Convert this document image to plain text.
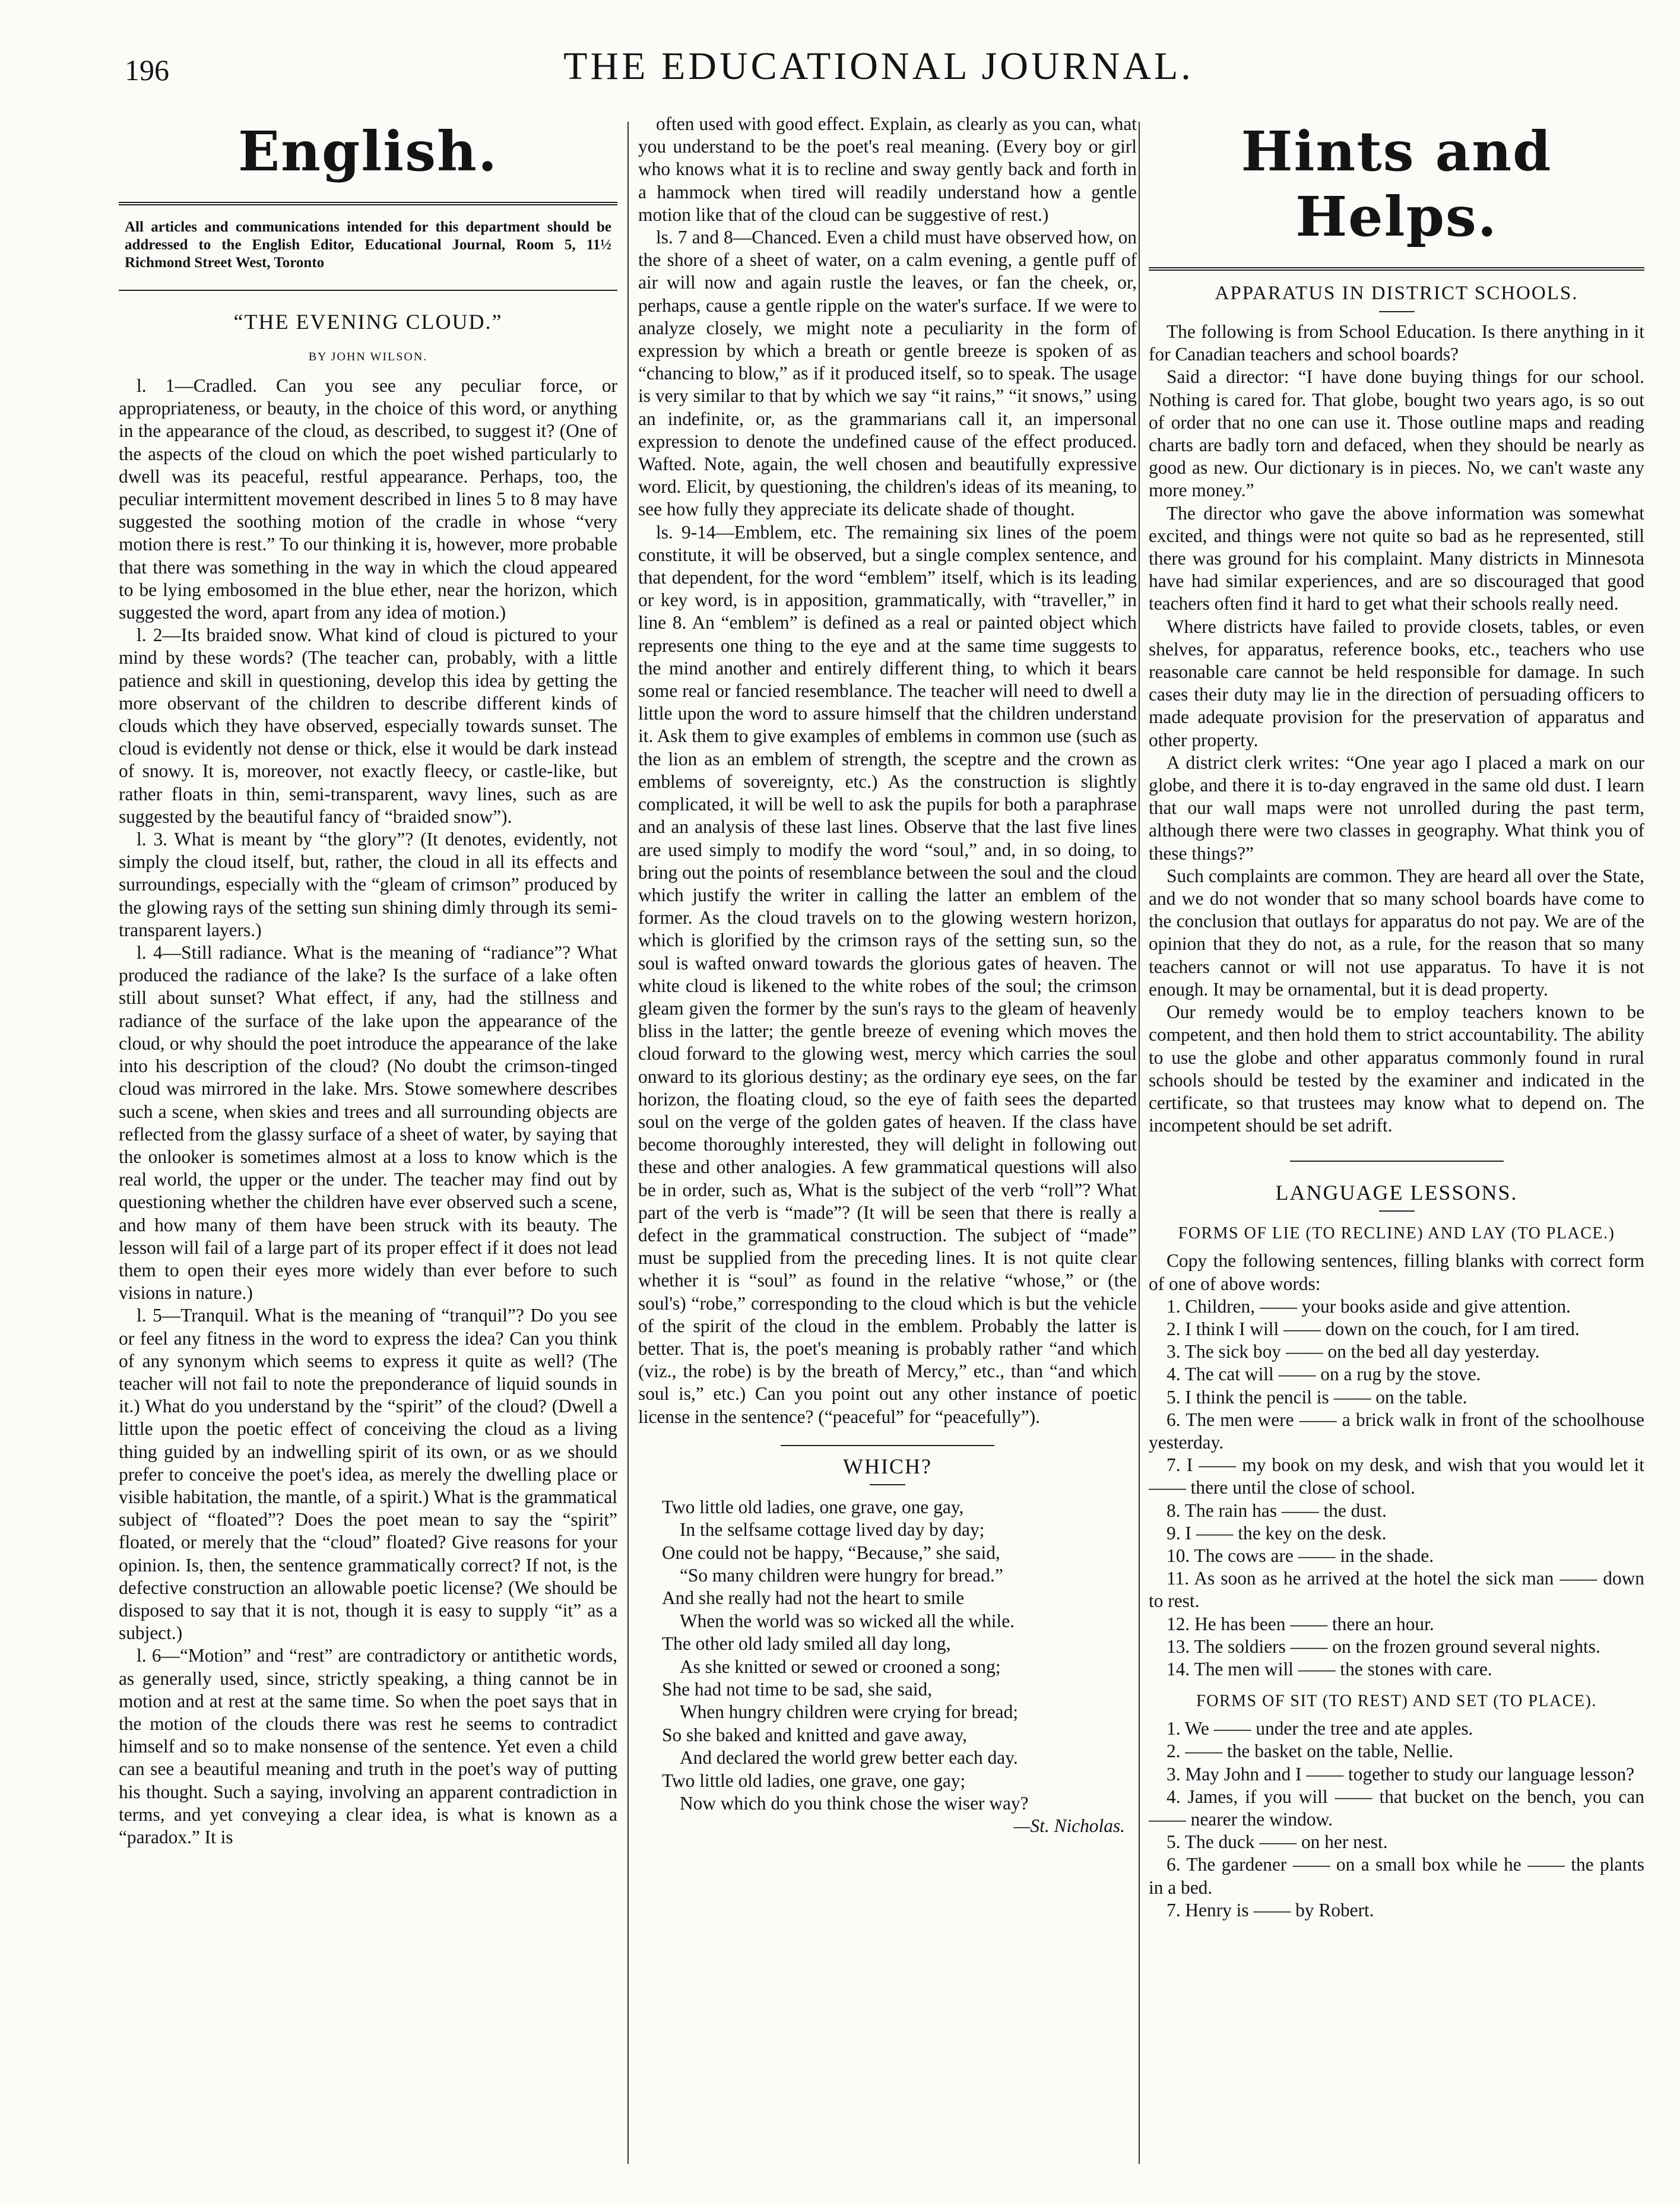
196	THE EDUCATIONAL JOURNAL.
English.
All articles and communications intended for this department should be addressed to the English Editor, Educational Journal, Room 5, 11½ Richmond Street West, Toronto
“THE EVENING CLOUD.”
BY JOHN WILSON.

l. 1—Cradled. Can you see any peculiar force, or appropriateness, or beauty, in the choice of this word, or anything in the appearance of the cloud, as described, to suggest it? (One of the aspects of the cloud on which the poet wished particularly to dwell was its peaceful, restful appearance. Perhaps, too, the peculiar intermittent movement described in lines 5 to 8 may have suggested the soothing motion of the cradle in whose “very motion there is rest.” To our thinking it is, however, more probable that there was something in the way in which the cloud appeared to be lying embosomed in the blue ether, near the horizon, which suggested the word, apart from any idea of motion.)

l. 2—Its braided snow. What kind of cloud is pictured to your mind by these words? (The teacher can, probably, with a little patience and skill in questioning, develop this idea by getting the more observant of the children to describe different kinds of clouds which they have observed, especially towards sunset. The cloud is evidently not dense or thick, else it would be dark instead of snowy. It is, moreover, not exactly fleecy, or castle-like, but rather floats in thin, semi-transparent, wavy lines, such as are suggested by the beautiful fancy of “braided snow”).

l. 3. What is meant by “the glory”? (It denotes, evidently, not simply the cloud itself, but, rather, the cloud in all its effects and surroundings, especially with the “gleam of crimson” produced by the glowing rays of the setting sun shining dimly through its semi-transparent layers.)

l. 4—Still radiance. What is the meaning of “radiance”? What produced the radiance of the lake? Is the surface of a lake often still about sunset? What effect, if any, had the stillness and radiance of the surface of the lake upon the appearance of the cloud, or why should the poet introduce the appearance of the lake into his description of the cloud? (No doubt the crimson-tinged cloud was mirrored in the lake. Mrs. Stowe somewhere describes such a scene, when skies and trees and all surrounding objects are reflected from the glassy surface of a sheet of water, by saying that the onlooker is sometimes almost at a loss to know which is the real world, the upper or the under. The teacher may find out by questioning whether the children have ever observed such a scene, and how many of them have been struck with its beauty. The lesson will fail of a large part of its proper effect if it does not lead them to open their eyes more widely than ever before to such visions in nature.)

l. 5—Tranquil. What is the meaning of “tranquil”? Do you see or feel any fitness in the word to express the idea? Can you think of any synonym which seems to express it quite as well? (The teacher will not fail to note the preponderance of liquid sounds in it.) What do you understand by the “spirit” of the cloud? (Dwell a little upon the poetic effect of conceiving the cloud as a living thing guided by an indwelling spirit of its own, or as we should prefer to conceive the poet's idea, as merely the dwelling place or visible habitation, the mantle, of a spirit.) What is the grammatical subject of “floated”? Does the poet mean to say the “spirit” floated, or merely that the “cloud” floated? Give reasons for your opinion. Is, then, the sentence grammatically correct? If not, is the defective construction an allowable poetic license? (We should be disposed to say that it is not, though it is easy to supply “it” as a subject.)

l. 6—“Motion” and “rest” are contradictory or antithetic words, as generally used, since, strictly speaking, a thing cannot be in motion and at rest at the same time. So when the poet says that in the motion of the clouds there was rest he seems to contradict himself and so to make nonsense of the sentence. Yet even a child can see a beautiful meaning and truth in the poet's way of putting his thought. Such a saying, involving an apparent contradiction in terms, and yet conveying a clear idea, is what is known as a “paradox.” It is

often used with good effect. Explain, as clearly as you can, what you understand to be the poet's real meaning. (Every boy or girl who knows what it is to recline and sway gently back and forth in a hammock when tired will readily understand how a gentle motion like that of the cloud can be suggestive of rest.)

ls. 7 and 8—Chanced. Even a child must have observed how, on the shore of a sheet of water, on a calm evening, a gentle puff of air will now and again rustle the leaves, or fan the cheek, or, perhaps, cause a gentle ripple on the water's surface. If we were to analyze closely, we might note a peculiarity in the form of expression by which a breath or gentle breeze is spoken of as “chancing to blow,” as if it produced itself, so to speak. The usage is very similar to that by which we say “it rains,” “it snows,” using an indefinite, or, as the grammarians call it, an impersonal expression to denote the undefined cause of the effect produced. Wafted. Note, again, the well chosen and beautifully expressive word. Elicit, by questioning, the children's ideas of its meaning, to see how fully they appreciate its delicate shade of thought.

ls. 9-14—Emblem, etc. The remaining six lines of the poem constitute, it will be observed, but a single complex sentence, and that dependent, for the word “emblem” itself, which is its leading or key word, is in apposition, grammatically, with “traveller,” in line 8. An “emblem” is defined as a real or painted object which represents one thing to the eye and at the same time suggests to the mind another and entirely different thing, to which it bears some real or fancied resemblance. The teacher will need to dwell a little upon the word to assure himself that the children understand it. Ask them to give examples of emblems in common use (such as the lion as an emblem of strength, the sceptre and the crown as emblems of sovereignty, etc.) As the construction is slightly complicated, it will be well to ask the pupils for both a paraphrase and an analysis of these last lines. Observe that the last five lines are used simply to modify the word “soul,” and, in so doing, to bring out the points of resemblance between the soul and the cloud which justify the writer in calling the latter an emblem of the former. As the cloud travels on to the glowing western horizon, which is glorified by the crimson rays of the setting sun, so the soul is wafted onward towards the glorious gates of heaven. The white cloud is likened to the white robes of the soul; the crimson gleam given the former by the sun's rays to the gleam of heavenly bliss in the latter; the gentle breeze of evening which moves the cloud forward to the glowing west, mercy which carries the soul onward to its glorious destiny; as the ordinary eye sees, on the far horizon, the floating cloud, so the eye of faith sees the departed soul on the verge of the golden gates of heaven. If the class have become thoroughly interested, they will delight in following out these and other analogies. A few grammatical questions will also be in order, such as, What is the subject of the verb “roll”? What part of the verb is “made”? (It will be seen that there is really a defect in the grammatical construction. The subject of “made” must be supplied from the preceding lines. It is not quite clear whether it is “soul” as found in the relative “whose,” or (the soul's) “robe,” corresponding to the cloud which is but the vehicle of the spirit of the cloud in the emblem. Probably the latter is better. That is, the poet's meaning is probably rather “and which (viz., the robe) is by the breath of Mercy,” etc., than “and which soul is,” etc.) Can you point out any other instance of poetic license in the sentence? (“peaceful” for “peacefully”).

WHICH?
Two little old ladies, one grave, one gay,
In the selfsame cottage lived day by day;
One could not be happy, “Because,” she said,
“So many children were hungry for bread.”
And she really had not the heart to smile
When the world was so wicked all the while.
The other old lady smiled all day long,
As she knitted or sewed or crooned a song;
She had not time to be sad, she said,
When hungry children were crying for bread;
So she baked and knitted and gave away,
And declared the world grew better each day.
Two little old ladies, one grave, one gay;
Now which do you think chose the wiser way?
—St. Nicholas.
Hints and Helps.
APPARATUS IN DISTRICT SCHOOLS.

The following is from School Education. Is there anything in it for Canadian teachers and school boards?

Said a director: “I have done buying things for our school. Nothing is cared for. That globe, bought two years ago, is so out of order that no one can use it. Those outline maps and reading charts are badly torn and defaced, when they should be nearly as good as new. Our dictionary is in pieces. No, we can't waste any more money.”

The director who gave the above information was somewhat excited, and things were not quite so bad as he represented, still there was ground for his complaint. Many districts in Minnesota have had similar experiences, and are so discouraged that good teachers often find it hard to get what their schools really need.

Where districts have failed to provide closets, tables, or even shelves, for apparatus, reference books, etc., teachers who use reasonable care cannot be held responsible for damage. In such cases their duty may lie in the direction of persuading officers to made adequate provision for the preservation of apparatus and other property.

A district clerk writes: “One year ago I placed a mark on our globe, and there it is to-day engraved in the same old dust. I learn that our wall maps were not unrolled during the past term, although there were two classes in geography. What think you of these things?”

Such complaints are common. They are heard all over the State, and we do not wonder that so many school boards have come to the conclusion that outlays for apparatus do not pay. We are of the opinion that they do not, as a rule, for the reason that so many teachers cannot or will not use apparatus. To have it is not enough. It may be ornamental, but it is dead property.

Our remedy would be to employ teachers known to be competent, and then hold them to strict accountability. The ability to use the globe and other apparatus commonly found in rural schools should be tested by the examiner and indicated in the certificate, so that trustees may know what to depend on. The incompetent should be set adrift.

LANGUAGE LESSONS.
FORMS OF LIE (TO RECLINE) AND LAY (TO PLACE.)

Copy the following sentences, filling blanks with correct form of one of above words:

1. Children, —— your books aside and give attention.

2. I think I will —— down on the couch, for I am tired.

3. The sick boy —— on the bed all day yesterday.

4. The cat will —— on a rug by the stove.

5. I think the pencil is —— on the table.

6. The men were —— a brick walk in front of the schoolhouse yesterday.

7. I —— my book on my desk, and wish that you would let it —— there until the close of school.

8. The rain has —— the dust.

9. I —— the key on the desk.

10. The cows are —— in the shade.

11. As soon as he arrived at the hotel the sick man —— down to rest.

12. He has been —— there an hour.

13. The soldiers —— on the frozen ground several nights.

14. The men will —— the stones with care.

FORMS OF SIT (TO REST) AND SET (TO PLACE).

1. We —— under the tree and ate apples.

2. —— the basket on the table, Nellie.

3. May John and I —— together to study our language lesson?

4. James, if you will —— that bucket on the bench, you can —— nearer the window.

5. The duck —— on her nest.

6. The gardener —— on a small box while he —— the plants in a bed.

7. Henry is —— by Robert.
